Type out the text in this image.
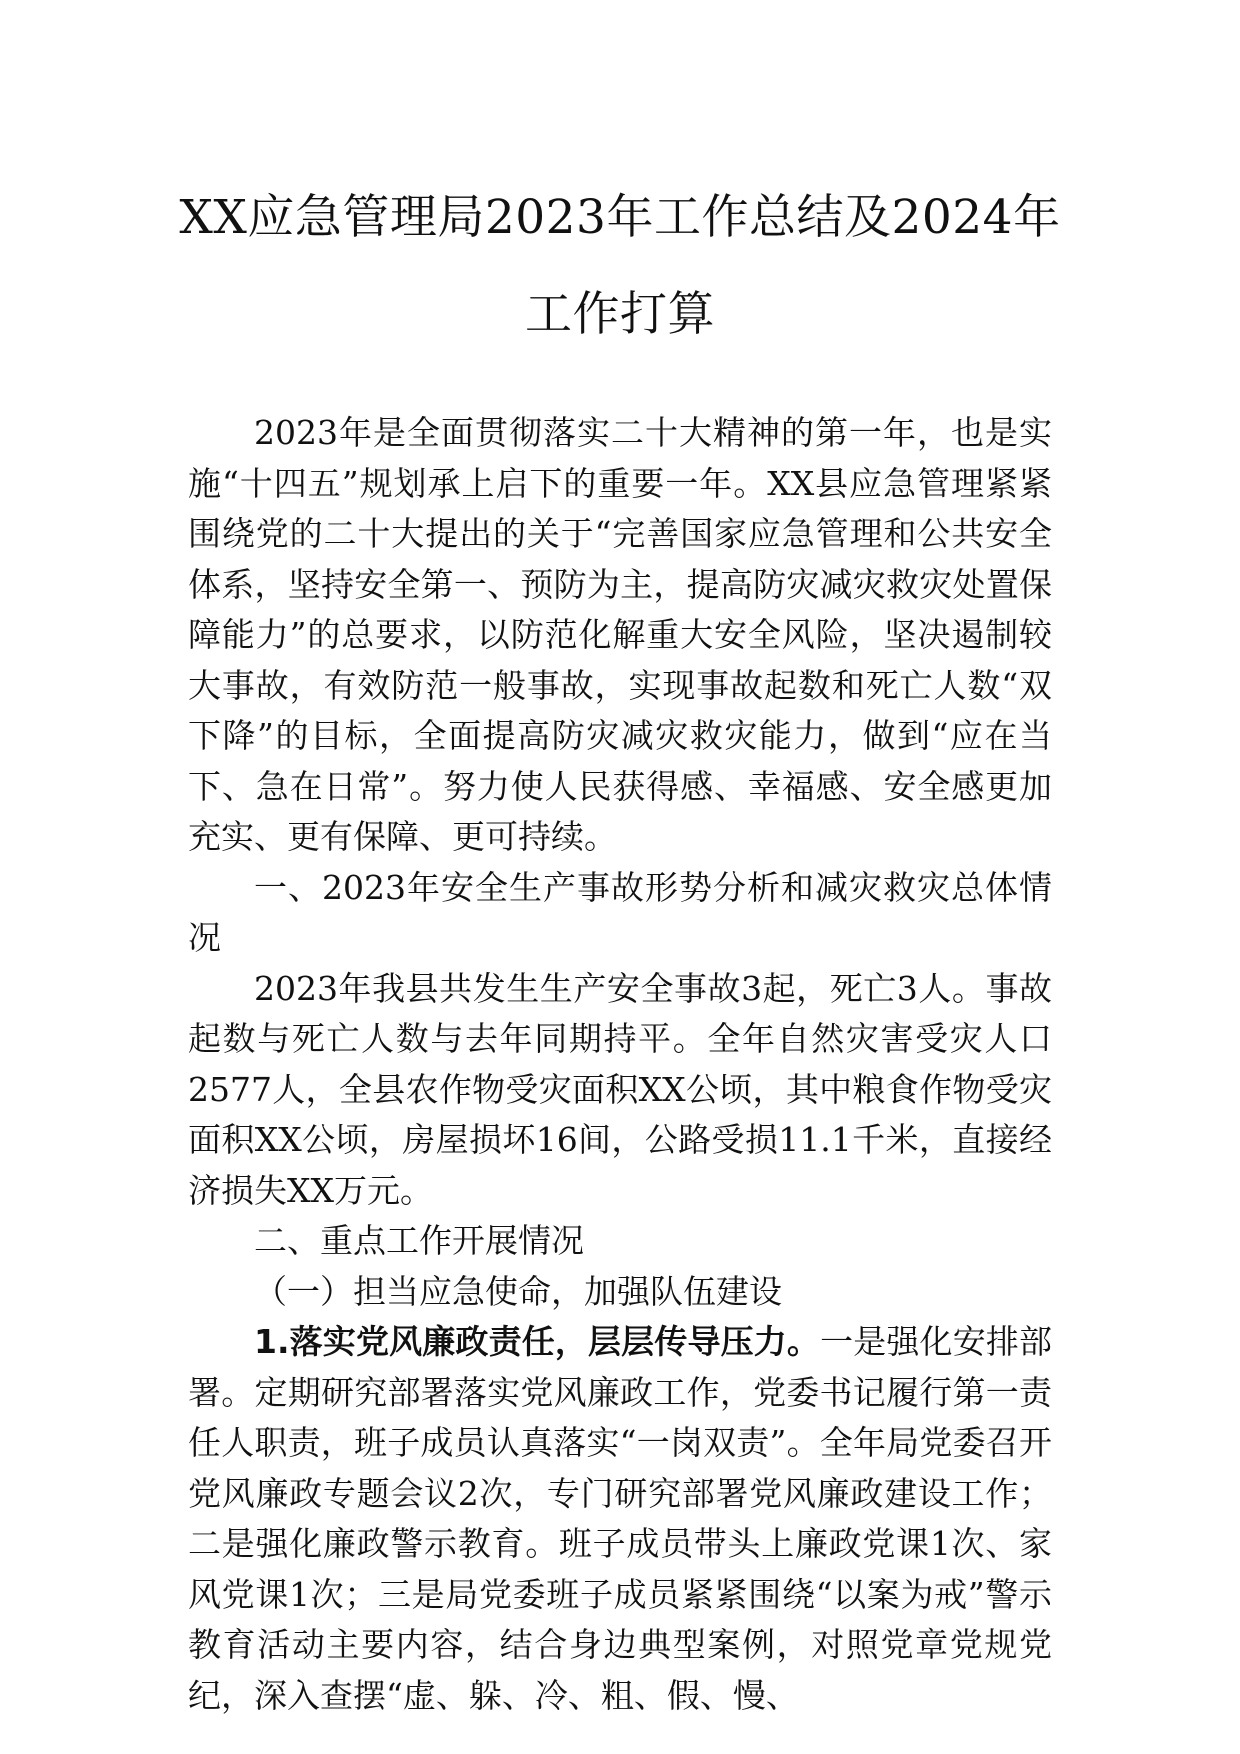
XX应急管理局2023年工作总结及2024年
工作打算

2023年是全面贯彻落实二十大精神的第一年，也是实施“十四五”规划承上启下的重要一年。XX县应急管理紧紧围绕党的二十大提出的关于“完善国家应急管理和公共安全体系，坚持安全第一、预防为主，提高防灾减灾救灾处置保障能力”的总要求，以防范化解重大安全风险，坚决遏制较大事故，有效防范一般事故，实现事故起数和死亡人数“双下降”的目标，全面提高防灾减灾救灾能力，做到“应在当下、急在日常”。努力使人民获得感、幸福感、安全感更加充实、更有保障、更可持续。

一、2023年安全生产事故形势分析和减灾救灾总体情况

2023年我县共发生生产安全事故3起，死亡3人。事故起数与死亡人数与去年同期持平。全年自然灾害受灾人口2577人，全县农作物受灾面积XX公顷，其中粮食作物受灾面积XX公顷，房屋损坏16间，公路受损11.1千米，直接经济损失XX万元。

二、重点工作开展情况

（一）担当应急使命，加强队伍建设

1.落实党风廉政责任，层层传导压力。一是强化安排部署。定期研究部署落实党风廉政工作，党委书记履行第一责任人职责，班子成员认真落实“一岗双责”。全年局党委召开党风廉政专题会议2次，专门研究部署党风廉政建设工作；二是强化廉政警示教育。班子成员带头上廉政党课1次、家风党课1次；三是局党委班子成员紧紧围绕“以案为戒”警示教育活动主要内容，结合身边典型案例，对照党章党规党纪，深入查摆“虚、躲、冷、粗、假、慢、
